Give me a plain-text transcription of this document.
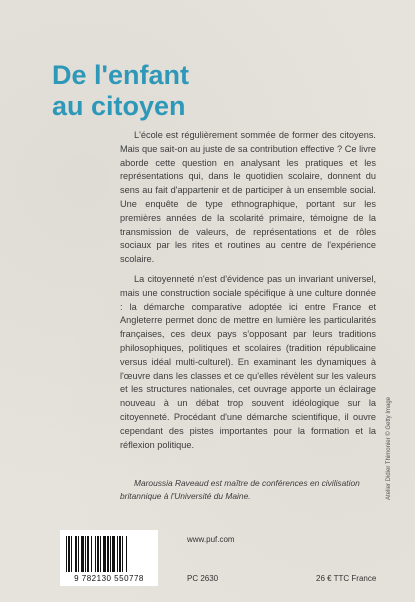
De l'enfant
au citoyen

L'école est régulièrement sommée de former des citoyens. Mais que sait-on au juste de sa contribution effective ? Ce livre aborde cette question en analysant les pratiques et les représentations qui, dans le quotidien scolaire, donnent du sens au fait d'appartenir et de participer à un ensemble social. Une enquête de type ethnographique, portant sur les premières années de la scolarité primaire, témoigne de la transmission de valeurs, de représentations et de rôles sociaux par les rites et routines au centre de l'expérience scolaire.

La citoyenneté n'est d'évidence pas un invariant universel, mais une construction sociale spécifique à une culture donnée : la démarche comparative adoptée ici entre France et Angleterre permet donc de mettre en lumière les particularités françaises, ces deux pays s'opposant par leurs traditions philosophiques, politiques et scolaires (tradition républicaine versus idéal multi-culturel). En examinant les dynamiques à l'œuvre dans les classes et ce qu'elles révèlent sur les valeurs et les structures nationales, cet ouvrage apporte un éclairage nouveau à un débat trop souvent idéologique sur la citoyenneté. Procédant d'une démarche scientifique, il ouvre cependant des pistes importantes pour la formation et la réflexion politique.

Maroussia Raveaud est maître de conférences en civilisation britannique à l'Université du Maine.	Atelier Didier Thimonier © Getty Image
www.puf.com
9 782130 550778	PC 2630	26 € TTC France
